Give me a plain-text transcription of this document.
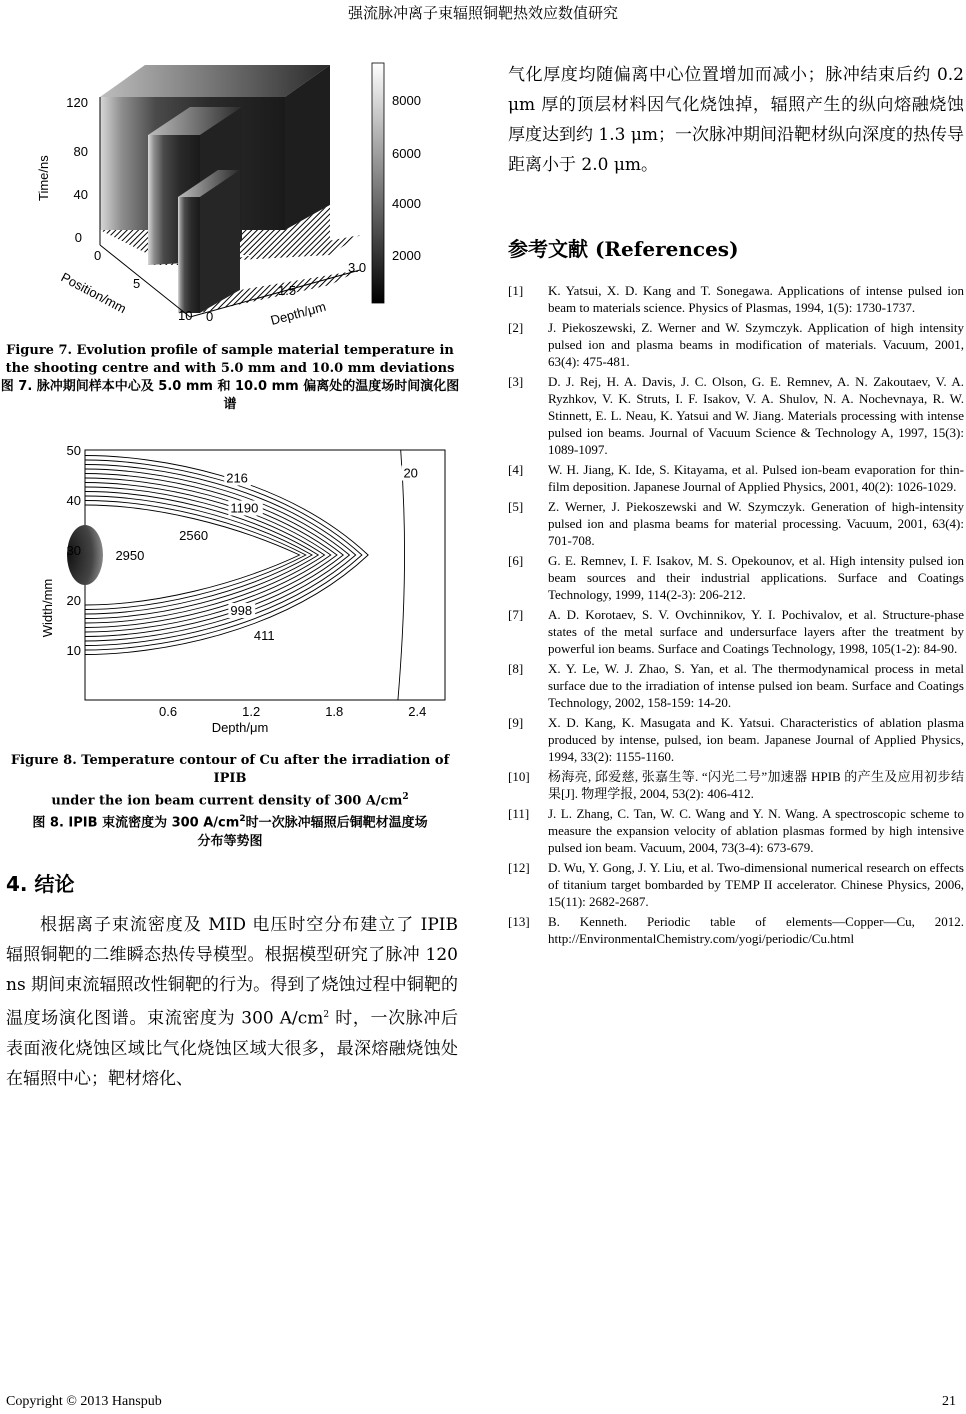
强流脉冲离子束辐照铜靶热效应数值研究
120
80
40
0
Time/ns
0
5
10
Position/mm
0
1.5
3.0
Depth/μm
8000
6000
4000
2000
Figure 7. Evolution profile of sample material temperature in the shooting centre and with 5.0 mm and 10.0 mm deviations
图 7. 脉冲期间样本中心及 5.0 mm 和 10.0 mm 偏离处的温度场时间演化图谱
0.6	1.2	1.8	2.4
10
20
30
40
50
2950
2560
1190
216
998
411
20
Depth/μm
Width/mm
Figure 8. Temperature contour of Cu after the irradiation of IPIB
under the ion beam current density of 300 $A/cm^2$
图 8. IPIB 束流密度为 300 $A/cm^2$时一次脉冲辐照后铜靶材温度场
分布等势图
4. 结论
根据离子束流密度及 MID 电压时空分布建立了 IPIB 辐照铜靶的二维瞬态热传导模型。根据模型研究了脉冲 120 ns 期间束流辐照改性铜靶的行为。得到了烧蚀过程中铜靶的温度场演化图谱。束流密度为 300 $A/cm^2$ 时，一次脉冲后表面液化烧蚀区域比气化烧蚀区域大很多，最深熔融烧蚀处在辐照中心；靶材熔化、
气化厚度均随偏离中心位置增加而减小；脉冲结束后约 0.2 μm 厚的顶层材料因气化烧蚀掉，辐照产生的纵向熔融烧蚀厚度达到约 1.3 μm；一次脉冲期间沿靶材纵向深度的热传导距离小于 2.0 μm。
参考文献 (References)
[1]	K. Yatsui, X. D. Kang and T. Sonegawa. Applications of intense pulsed ion beam to materials science. Physics of Plasmas, 1994, 1(5): 1730-1737.
[2]	J. Piekoszewski, Z. Werner and W. Szymczyk. Application of high intensity pulsed ion and plasma beams in modification of materials. Vacuum, 2001, 63(4): 475-481.
[3]	D. J. Rej, H. A. Davis, J. C. Olson, G. E. Remnev, A. N. Zakoutaev, V. A. Ryzhkov, V. K. Struts, I. F. Isakov, V. A. Shulov, N. A. Nochevnaya, R. W. Stinnett, E. L. Neau, K. Yatsui and W. Jiang. Materials processing with intense pulsed ion beams. Journal of Vacuum Science & Technology A, 1997, 15(3): 1089-1097.
[4]	W. H. Jiang, K. Ide, S. Kitayama, et al. Pulsed ion-beam evaporation for thin-film deposition. Japanese Journal of Applied Physics, 2001, 40(2): 1026-1029.
[5]	Z. Werner, J. Piekoszewski and W. Szymczyk. Generation of high-intensity pulsed ion and plasma beams for material processing. Vacuum, 2001, 63(4): 701-708.
[6]	G. E. Remnev, I. F. Isakov, M. S. Opekounov, et al. High intensity pulsed ion beam sources and their industrial applications. Surface and Coatings Technology, 1999, 114(2-3): 206-212.
[7]	A. D. Korotaev, S. V. Ovchinnikov, Y. I. Pochivalov, et al. Structure-phase states of the metal surface and undersurface layers after the treatment by powerful ion beams. Surface and Coatings Technology, 1998, 105(1-2): 84-90.
[8]	X. Y. Le, W. J. Zhao, S. Yan, et al. The thermodynamical process in metal surface due to the irradiation of intense pulsed ion beam. Surface and Coatings Technology, 2002, 158-159: 14-20.
[9]	X. D. Kang, K. Masugata and K. Yatsui. Characteristics of ablation plasma produced by intense, pulsed, ion beam. Japanese Journal of Applied Physics, 1994, 33(2): 1155-1160.
[10]	杨海亮, 邱爱慈, 张嘉生等. “闪光二号”加速器 HPIB 的产生及应用初步结果[J]. 物理学报, 2004, 53(2): 406-412.
[11]	J. L. Zhang, C. Tan, W. C. Wang and Y. N. Wang. A spectroscopic scheme to measure the expansion velocity of ablation plasmas formed by high intensive pulsed ion beam. Vacuum, 2004, 73(3-4): 673-679.
[12]	D. Wu, Y. Gong, J. Y. Liu, et al. Two-dimensional numerical research on effects of titanium target bombarded by TEMP II accelerator. Chinese Physics, 2006, 15(11): 2682-2687.
[13]	B. Kenneth. Periodic table of elements—Copper—Cu, 2012. http://EnvironmentalChemistry.com/yogi/periodic/Cu.html
Copyright © 2013 Hanspub	21
